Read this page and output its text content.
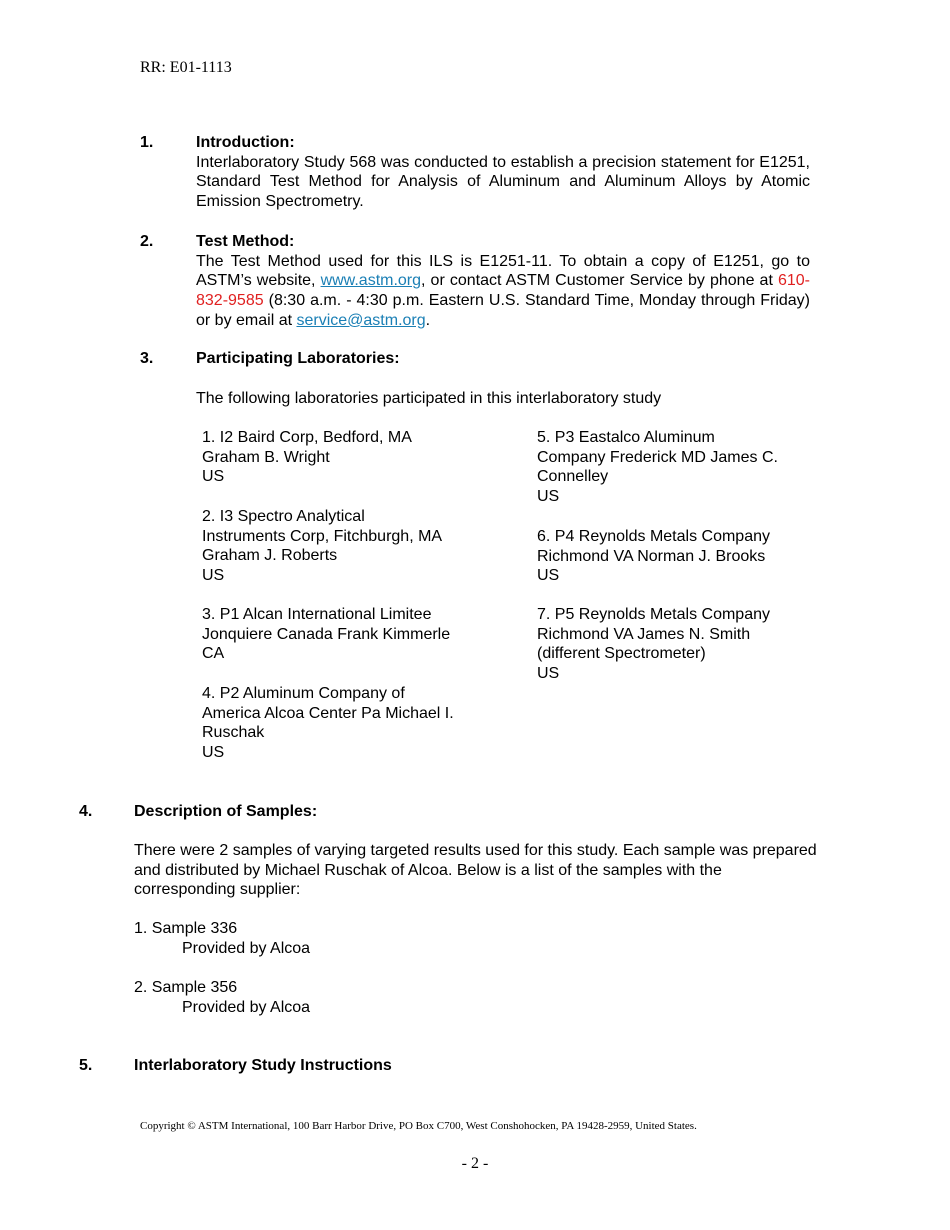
RR: E01-1113
1.	Introduction:
Interlaboratory Study 568 was conducted to establish a precision statement for E1251, Standard Test Method for Analysis of Aluminum and Aluminum Alloys by Atomic Emission Spectrometry.
2.	Test Method:
The Test Method used for this ILS is E1251-11. To obtain a copy of E1251, go to ASTM’s website, www.astm.org, or contact ASTM Customer Service by phone at 610-832-9585 (8:30 a.m. - 4:30 p.m. Eastern U.S. Standard Time, Monday through Friday) or by email at service@astm.org.
3.	Participating Laboratories:
The following laboratories participated in this interlaboratory study
1. I2 Baird Corp, Bedford, MA
Graham B. Wright
US
2. I3 Spectro Analytical
Instruments Corp, Fitchburgh, MA
Graham J. Roberts
US
3. P1 Alcan International Limitee
Jonquiere Canada Frank Kimmerle
CA
4. P2 Aluminum Company of
America Alcoa Center Pa Michael I.
Ruschak
US
5. P3 Eastalco Aluminum
Company Frederick MD James C.
Connelley
US
6. P4 Reynolds Metals Company
Richmond VA Norman J. Brooks
US
7. P5 Reynolds Metals Company
Richmond VA James N. Smith
(different Spectrometer)
US
4.	Description of Samples:
There were 2 samples of varying targeted results used for this study. Each sample was prepared
and distributed by Michael Ruschak of Alcoa. Below is a list of the samples with the
corresponding supplier:
1. Sample 336
Provided by Alcoa
2. Sample 356
Provided by Alcoa
5.	Interlaboratory Study Instructions
Copyright © ASTM International, 100 Barr Harbor Drive, PO Box C700, West Conshohocken, PA 19428-2959, United States.
- 2 -
